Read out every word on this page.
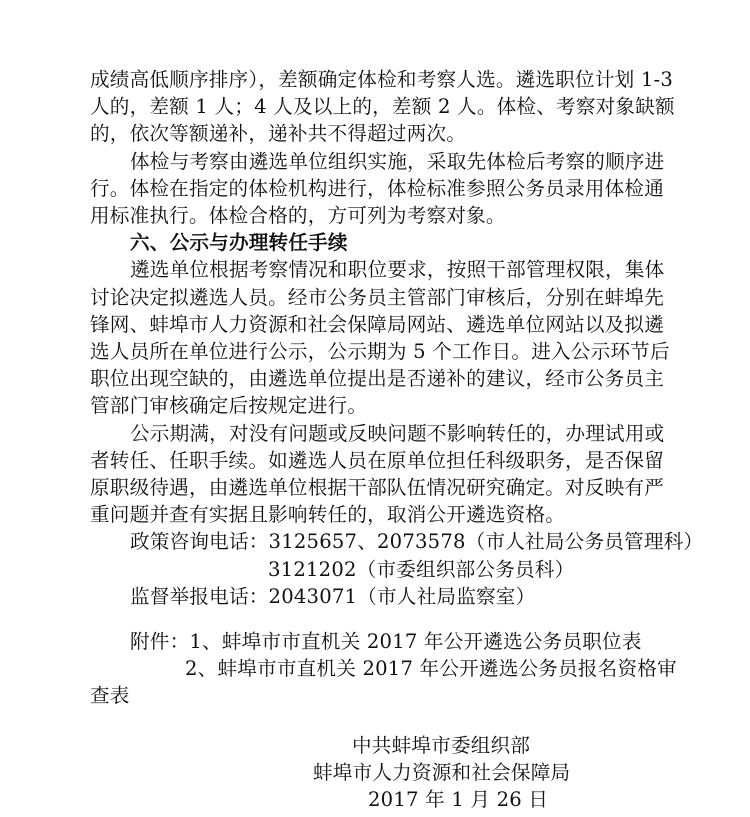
成绩高低顺序排序），差额确定体检和考察人选。遴选职位计划 1-3
人的，差额 1 人；4 人及以上的，差额 2 人。体检、考察对象缺额
的，依次等额递补，递补共不得超过两次。
体检与考察由遴选单位组织实施，采取先体检后考察的顺序进
行。体检在指定的体检机构进行，体检标准参照公务员录用体检通
用标准执行。体检合格的，方可列为考察对象。
六、公示与办理转任手续
遴选单位根据考察情况和职位要求，按照干部管理权限，集体
讨论决定拟遴选人员。经市公务员主管部门审核后，分别在蚌埠先
锋网、蚌埠市人力资源和社会保障局网站、遴选单位网站以及拟遴
选人员所在单位进行公示，公示期为 5 个工作日。进入公示环节后
职位出现空缺的，由遴选单位提出是否递补的建议，经市公务员主
管部门审核确定后按规定进行。
公示期满，对没有问题或反映问题不影响转任的，办理试用或
者转任、任职手续。如遴选人员在原单位担任科级职务，是否保留
原职级待遇，由遴选单位根据干部队伍情况研究确定。对反映有严
重问题并查有实据且影响转任的，取消公开遴选资格。
政策咨询电话：3125657、2073578（市人社局公务员管理科）
3121202（市委组织部公务员科）
监督举报电话：2043071（市人社局监察室）
附件：1、蚌埠市市直机关 2017 年公开遴选公务员职位表
2、蚌埠市市直机关 2017 年公开遴选公务员报名资格审
查表
中共蚌埠市委组织部
蚌埠市人力资源和社会保障局
2017 年 1 月 26 日
